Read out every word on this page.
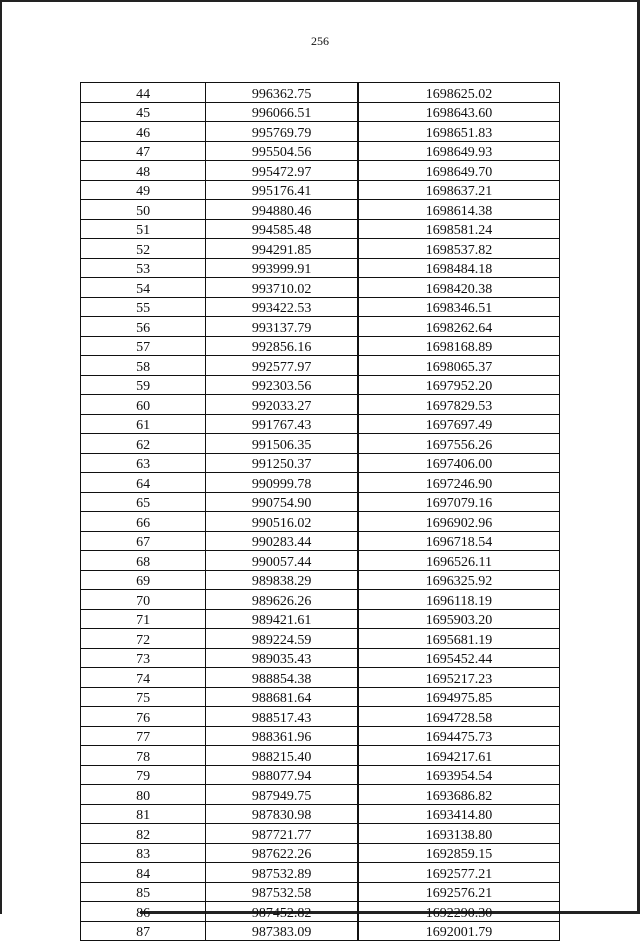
256
44	996362.75	1698625.02
45	996066.51	1698643.60
46	995769.79	1698651.83
47	995504.56	1698649.93
48	995472.97	1698649.70
49	995176.41	1698637.21
50	994880.46	1698614.38
51	994585.48	1698581.24
52	994291.85	1698537.82
53	993999.91	1698484.18
54	993710.02	1698420.38
55	993422.53	1698346.51
56	993137.79	1698262.64
57	992856.16	1698168.89
58	992577.97	1698065.37
59	992303.56	1697952.20
60	992033.27	1697829.53
61	991767.43	1697697.49
62	991506.35	1697556.26
63	991250.37	1697406.00
64	990999.78	1697246.90
65	990754.90	1697079.16
66	990516.02	1696902.96
67	990283.44	1696718.54
68	990057.44	1696526.11
69	989838.29	1696325.92
70	989626.26	1696118.19
71	989421.61	1695903.20
72	989224.59	1695681.19
73	989035.43	1695452.44
74	988854.38	1695217.23
75	988681.64	1694975.85
76	988517.43	1694728.58
77	988361.96	1694475.73
78	988215.40	1694217.61
79	988077.94	1693954.54
80	987949.75	1693686.82
81	987830.98	1693414.80
82	987721.77	1693138.80
83	987622.26	1692859.15
84	987532.89	1692577.21
85	987532.58	1692576.21
86	987452.82	1692290.30
87	987383.09	1692001.79
